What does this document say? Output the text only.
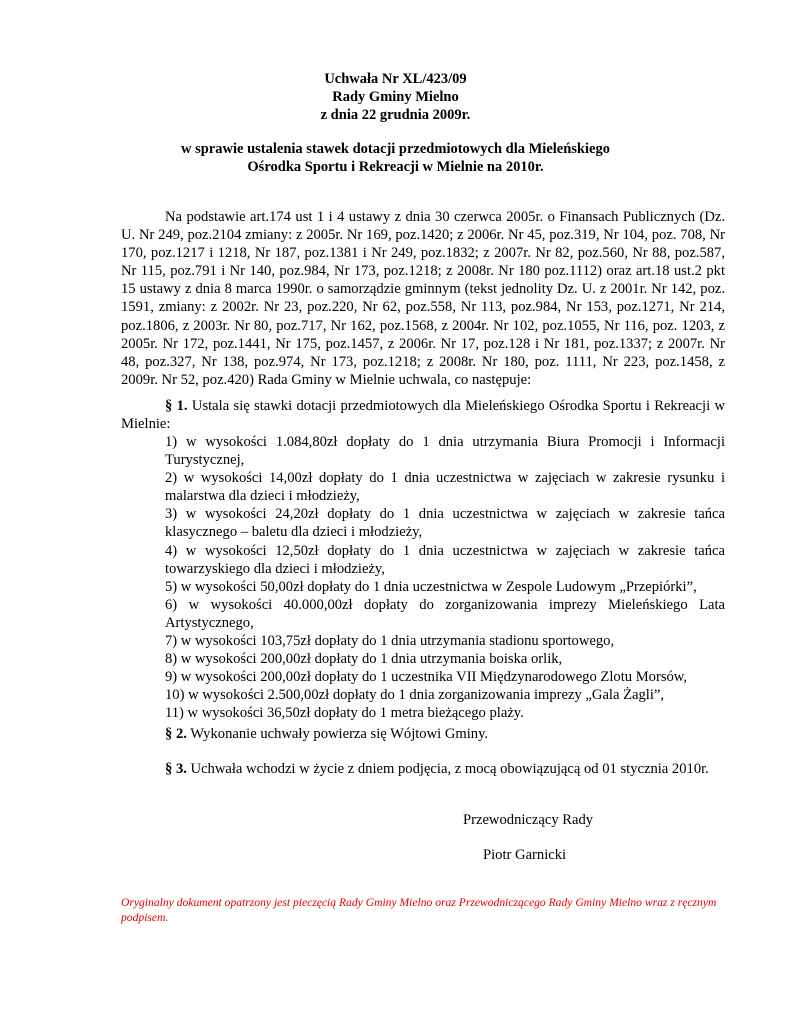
Uchwała Nr XL/423/09
Rady Gminy Mielno
z dnia 22 grudnia 2009r.
w sprawie ustalenia stawek dotacji przedmiotowych dla Mieleńskiego
Ośrodka Sportu i Rekreacji w Mielnie na 2010r.
Na podstawie art.174 ust 1 i 4 ustawy z dnia 30 czerwca 2005r. o Finansach Publicznych (Dz. U. Nr 249, poz.2104 zmiany: z 2005r. Nr 169, poz.1420; z 2006r. Nr 45, poz.319, Nr 104, poz. 708, Nr 170, poz.1217 i 1218, Nr 187, poz.1381 i Nr 249, poz.1832; z 2007r. Nr 82, poz.560, Nr 88, poz.587, Nr 115, poz.791 i Nr 140, poz.984, Nr 173, poz.1218; z 2008r. Nr 180 poz.1112) oraz art.18 ust.2 pkt 15 ustawy z dnia 8 marca 1990r. o samorządzie gminnym (tekst jednolity Dz. U. z 2001r. Nr 142, poz. 1591, zmiany: z 2002r. Nr 23, poz.220, Nr 62, poz.558, Nr 113, poz.984, Nr 153, poz.1271, Nr 214, poz.1806, z 2003r. Nr 80, poz.717, Nr 162, poz.1568, z 2004r. Nr 102, poz.1055, Nr 116, poz. 1203, z 2005r. Nr 172, poz.1441, Nr 175, poz.1457, z 2006r. Nr 17, poz.128 i Nr 181, poz.1337; z 2007r. Nr 48, poz.327, Nr 138, poz.974, Nr 173, poz.1218; z 2008r. Nr 180, poz. 1111, Nr 223, poz.1458, z 2009r. Nr 52, poz.420) Rada Gminy w Mielnie uchwala, co następuje:
§ 1. Ustala się stawki dotacji przedmiotowych dla Mieleńskiego Ośrodka Sportu i Rekreacji w Mielnie:

1) w wysokości 1.084,80zł dopłaty do 1 dnia utrzymania Biura Promocji i Informacji Turystycznej,

2) w wysokości 14,00zł dopłaty do 1 dnia uczestnictwa w zajęciach w zakresie rysunku i malarstwa dla dzieci i młodzieży,

3) w wysokości 24,20zł dopłaty do 1 dnia uczestnictwa w zajęciach w zakresie tańca klasycznego – baletu dla dzieci i młodzieży,

4) w wysokości 12,50zł dopłaty do 1 dnia uczestnictwa w zajęciach w zakresie tańca towarzyskiego dla dzieci i młodzieży,

5) w wysokości 50,00zł dopłaty do 1 dnia uczestnictwa w Zespole Ludowym „Przepiórki”,

6) w wysokości 40.000,00zł dopłaty do zorganizowania imprezy Mieleńskiego Lata Artystycznego,

7) w wysokości 103,75zł dopłaty do 1 dnia utrzymania stadionu sportowego,

8) w wysokości 200,00zł dopłaty do 1 dnia utrzymania boiska orlik,

9) w wysokości 200,00zł dopłaty do 1 uczestnika VII Międzynarodowego Zlotu Morsów,

10) w wysokości 2.500,00zł dopłaty do 1 dnia zorganizowania imprezy „Gala Żagli”,

11) w wysokości 36,50zł dopłaty do 1 metra bieżącego plaży.

§ 2. Wykonanie uchwały powierza się Wójtowi Gminy.
§ 3. Uchwała wchodzi w życie z dniem podjęcia, z mocą obowiązującą od 01 stycznia 2010r.
Przewodniczący Rady
Piotr Garnicki
Oryginalny dokument opatrzony jest pieczęcią Rady Gminy Mielno oraz Przewodniczącego Rady Gminy Mielno wraz z ręcznym podpisem.
